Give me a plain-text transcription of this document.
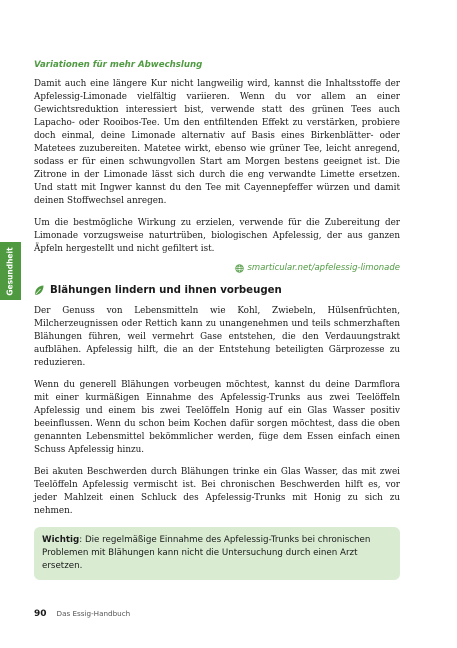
Gesundheit
Variationen für mehr Abwechslung

Damit auch eine längere Kur nicht langweilig wird, kannst die Inhaltsstoffe der Apfelessig-Limonade vielfältig variieren. Wenn du vor allem an einer Gewichtsreduktion interessiert bist, verwende statt des grünen Tees auch Lapacho- oder Rooibos-Tee. Um den entfiltenden Effekt zu verstärken, probiere doch einmal, deine Limonade alternativ auf Basis eines Birkenblätter- oder Matetees zuzubereiten. Matetee wirkt, ebenso wie grüner Tee, leicht anregend, sodass er für einen schwungvollen Start am Morgen bestens geeignet ist. Die Zitrone in der Limonade lässt sich durch die eng verwandte Limette ersetzen. Und statt mit Ingwer kannst du den Tee mit Cayennepfeffer würzen und damit deinen Stoffwechsel anregen.

Um die bestmögliche Wirkung zu erzielen, verwende für die Zubereitung der Limonade vorzugsweise naturtrüben, biologischen Apfelessig, der aus ganzen Äpfeln hergestellt und nicht gefiltert ist.

smarticular.net/apfelessig-limonade
Blähungen lindern und ihnen vorbeugen

Der Genuss von Lebensmitteln wie Kohl, Zwiebeln, Hülsenfrüchten, Milcherzeugnissen oder Rettich kann zu unangenehmen und teils schmerzhaften Blähungen führen, weil vermehrt Gase entstehen, die den Verdauungstrakt aufblähen. Apfelessig hilft, die an der Entstehung beteiligten Gärprozesse zu reduzieren.

Wenn du generell Blähungen vorbeugen möchtest, kannst du deine Darmflora mit einer kurmäßigen Einnahme des Apfelessig-Trunks aus zwei Teelöffeln Apfelessig und einem bis zwei Teelöffeln Honig auf ein Glas Wasser positiv beeinflussen. Wenn du schon beim Kochen dafür sorgen möchtest, dass die oben genannten Lebensmittel bekömmlicher werden, füge dem Essen einfach einen Schuss Apfelessig hinzu.

Bei akuten Beschwerden durch Blähungen trinke ein Glas Wasser, das mit zwei Teelöffeln Apfelessig vermischt ist. Bei chronischen Beschwerden hilft es, vor jeder Mahlzeit einen Schluck des Apfelessig-Trunks mit Honig zu sich zu nehmen.

Wichtig: Die regelmäßige Einnahme des Apfelessig-Trunks bei chronischen Problemen mit Blähungen kann nicht die Untersuchung durch einen Arzt ersetzen.
90 Das Essig-Handbuch
